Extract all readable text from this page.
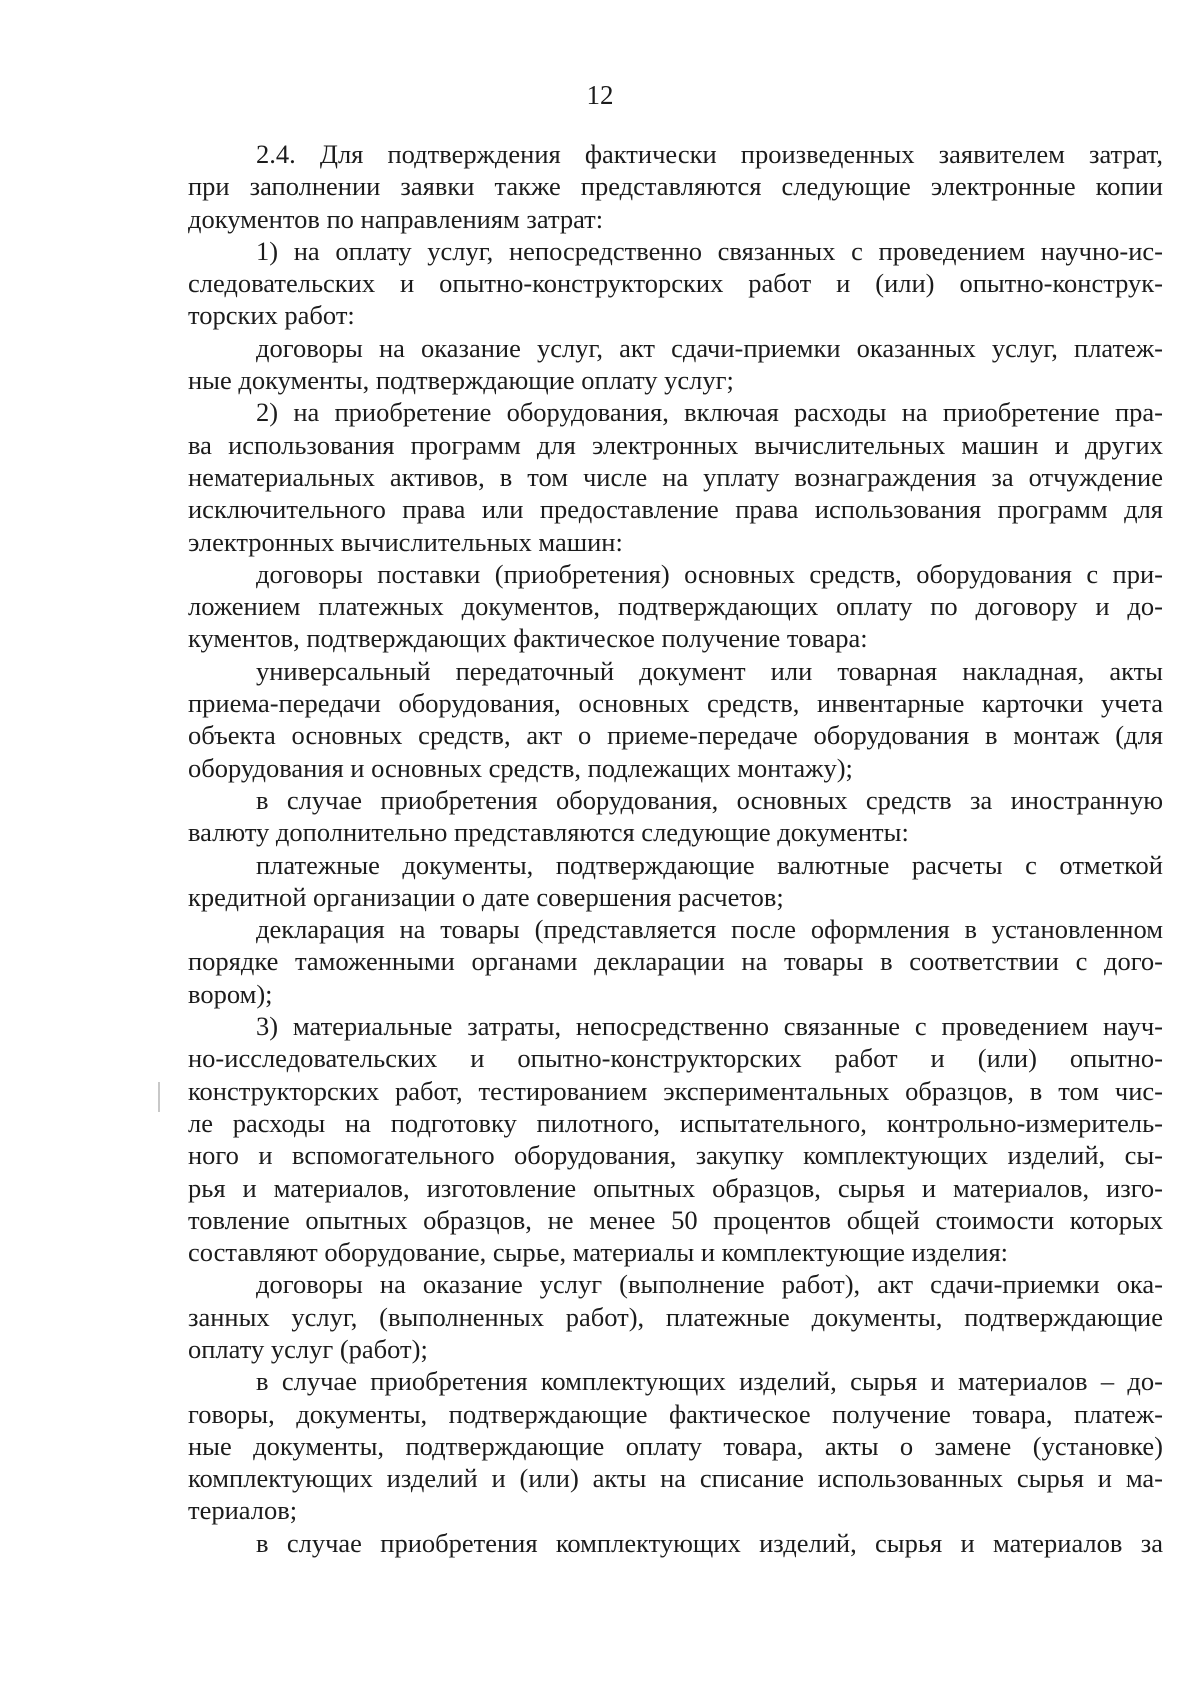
12
2.4. Для подтверждения фактически произведенных заявителем затрат,
при заполнении заявки также представляются следующие электронные копии
документов по направлениям затрат:
1) на оплату услуг, непосредственно связанных с проведением научно-ис-
следовательских и опытно-конструкторских работ и (или) опытно-конструк-
торских работ:
договоры на оказание услуг, акт сдачи-приемки оказанных услуг, платеж-
ные документы, подтверждающие оплату услуг;
2) на приобретение оборудования, включая расходы на приобретение пра-
ва использования программ для электронных вычислительных машин и других
нематериальных активов, в том числе на уплату вознаграждения за отчуждение
исключительного права или предоставление права использования программ для
электронных вычислительных машин:
договоры поставки (приобретения) основных средств, оборудования с при-
ложением платежных документов, подтверждающих оплату по договору и до-
кументов, подтверждающих фактическое получение товара:
универсальный передаточный документ или товарная накладная, акты
приема-передачи оборудования, основных средств, инвентарные карточки учета
объекта основных средств, акт о приеме-передаче оборудования в монтаж (для
оборудования и основных средств, подлежащих монтажу);
в случае приобретения оборудования, основных средств за иностранную
валюту дополнительно представляются следующие документы:
платежные документы, подтверждающие валютные расчеты с отметкой
кредитной организации о дате совершения расчетов;
декларация на товары (представляется после оформления в установленном
порядке таможенными органами декларации на товары в соответствии с дого-
вором);
3) материальные затраты, непосредственно связанные с проведением науч-
но-исследовательских и опытно-конструкторских работ и (или) опытно-
конструкторских работ, тестированием экспериментальных образцов, в том чис-
ле расходы на подготовку пилотного, испытательного, контрольно-измеритель-
ного и вспомогательного оборудования, закупку комплектующих изделий, сы-
рья и материалов, изготовление опытных образцов, сырья и материалов, изго-
товление опытных образцов, не менее 50 процентов общей стоимости которых
составляют оборудование, сырье, материалы и комплектующие изделия:
договоры на оказание услуг (выполнение работ), акт сдачи-приемки ока-
занных услуг, (выполненных работ), платежные документы, подтверждающие
оплату услуг (работ);
в случае приобретения комплектующих изделий, сырья и материалов – до-
говоры, документы, подтверждающие фактическое получение товара, платеж-
ные документы, подтверждающие оплату товара, акты о замене (установке)
комплектующих изделий и (или) акты на списание использованных сырья и ма-
териалов;
в случае приобретения комплектующих изделий, сырья и материалов за
